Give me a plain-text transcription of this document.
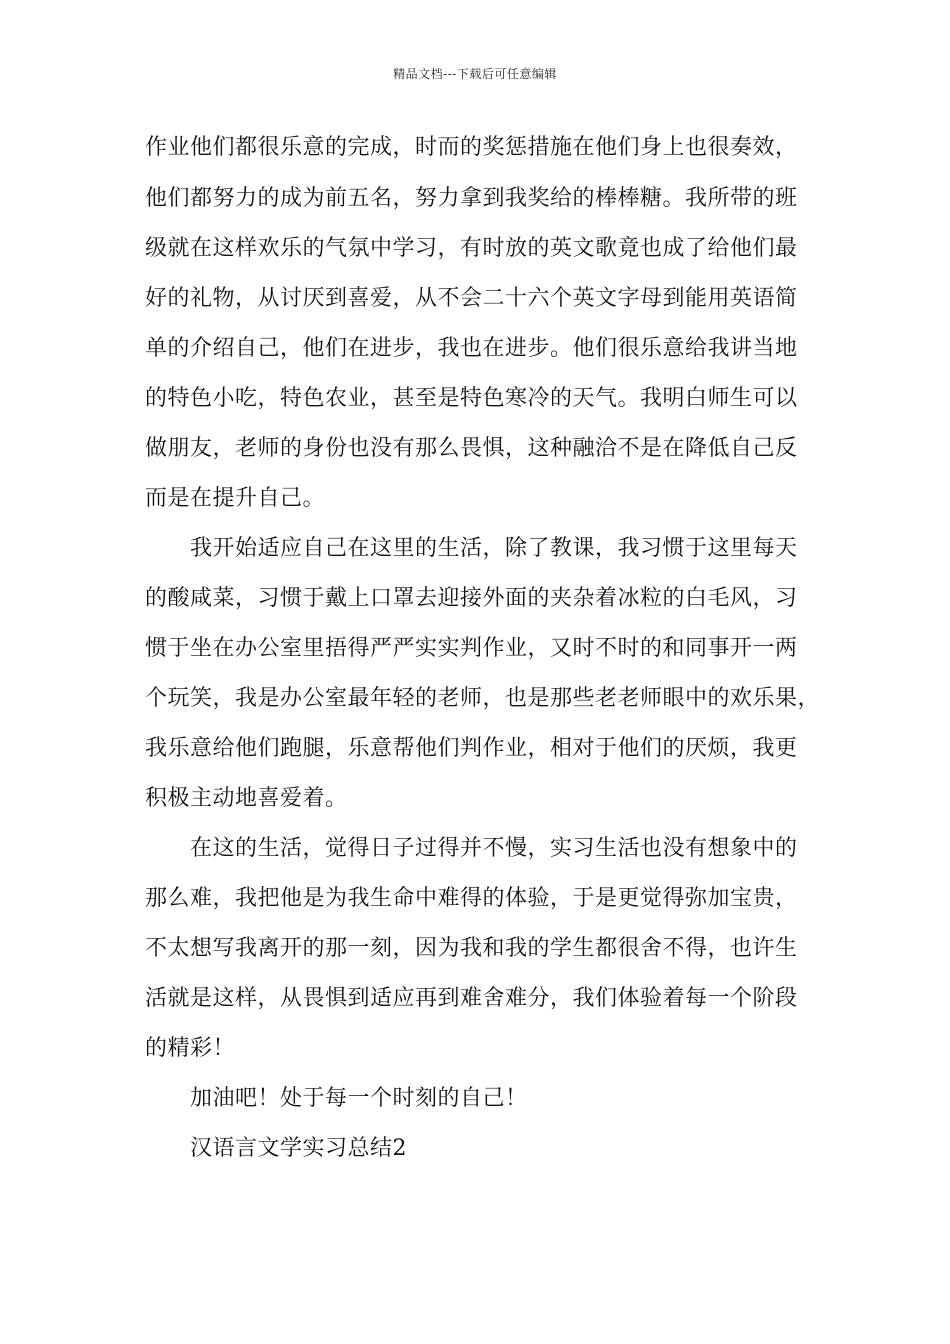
精品文档---下载后可任意编辑
作业他们都很乐意的完成，时而的奖惩措施在他们身上也很奏效，
他们都努力的成为前五名，努力拿到我奖给的棒棒糖。我所带的班
级就在这样欢乐的气氛中学习，有时放的英文歌竟也成了给他们最
好的礼物，从讨厌到喜爱，从不会二十六个英文字母到能用英语简
单的介绍自己，他们在进步，我也在进步。他们很乐意给我讲当地
的特色小吃，特色农业，甚至是特色寒冷的天气。我明白师生可以
做朋友，老师的身份也没有那么畏惧，这种融洽不是在降低自己反
而是在提升自己。
我开始适应自己在这里的生活，除了教课，我习惯于这里每天
的酸咸菜，习惯于戴上口罩去迎接外面的夹杂着冰粒的白毛风，习
惯于坐在办公室里捂得严严实实判作业，又时不时的和同事开一两
个玩笑，我是办公室最年轻的老师，也是那些老老师眼中的欢乐果，
我乐意给他们跑腿，乐意帮他们判作业，相对于他们的厌烦，我更
积极主动地喜爱着。
在这的生活，觉得日子过得并不慢，实习生活也没有想象中的
那么难，我把他是为我生命中难得的体验，于是更觉得弥加宝贵，
不太想写我离开的那一刻，因为我和我的学生都很舍不得，也许生
活就是这样，从畏惧到适应再到难舍难分，我们体验着每一个阶段
的精彩！
加油吧！处于每一个时刻的自己！
汉语言文学实习总结2
